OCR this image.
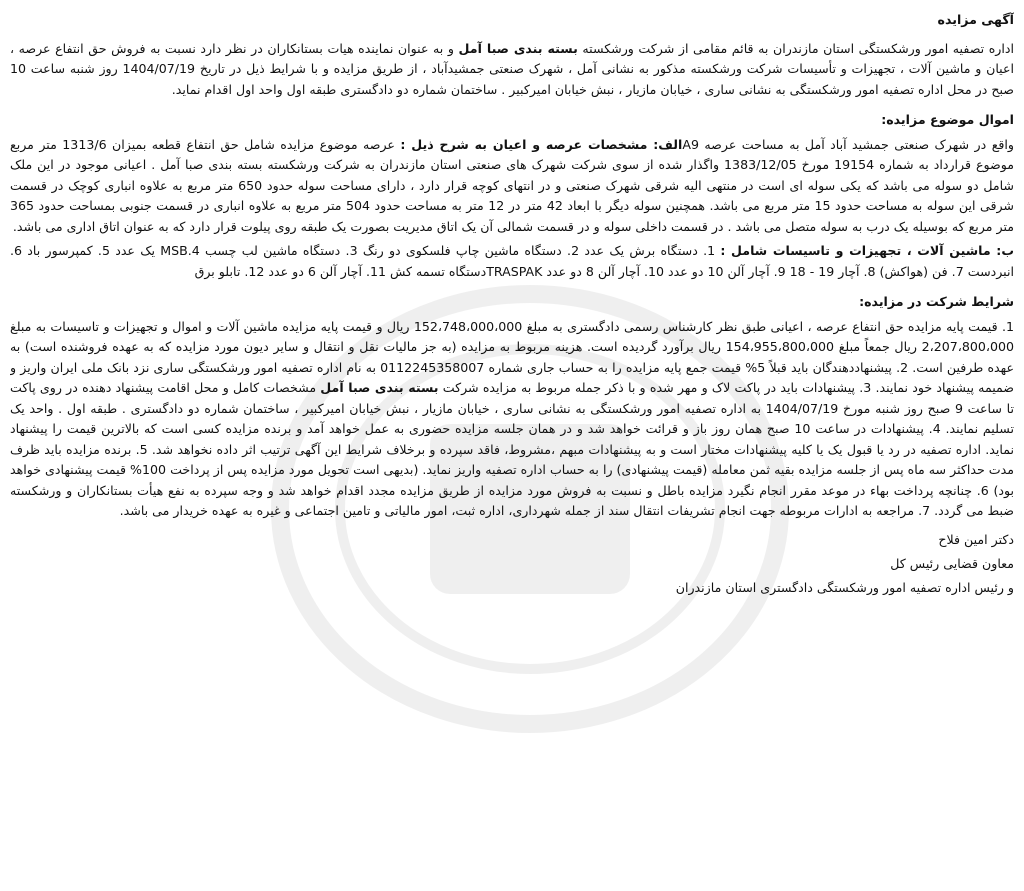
آگهی مزایده

اداره تصفیه امور ورشکستگی استان مازندران به قائم مقامی از شرکت ورشکسته بسته بندی صبا آمل و به عنوان نماینده هیات بستانکاران در نظر دارد نسبت به فروش حق انتفاع عرصه ، اعیان و ماشین آلات ، تجهیزات و تأسیسات شرکت ورشکسته مذکور به نشانی آمل ، شهرک صنعتی جمشیدآباد ، از طریق مزایده و با شرایط ذیل در تاریخ 1404/07/19 روز شنبه ساعت 10 صبح در محل اداره تصفیه امور ورشکستگی به نشانی ساری ، خیابان مازیار ، نبش خیابان امیرکبیر . ساختمان شماره دو دادگستری طبقه اول واحد اول اقدام نماید.

اموال موضوع مزایده:

واقع در شهرک صنعتی جمشید آباد آمل به مساحت عرصه A9الف: مشخصات عرصه و اعیان به شرح ذیل : عرصه موضوع مزایده شامل حق انتفاع قطعه بمیزان 1313/6 متر مربع موضوع قرارداد به شماره 19154 مورخ 1383/12/05 واگذار شده از سوی شرکت شهرک های صنعتی استان مازندران به شرکت ورشکسته بسته بندی صبا آمل . اعیانی موجود در این ملک شامل دو سوله می باشد که یکی سوله ای است در منتهی الیه شرقی شهرک صنعتی و در انتهای کوچه قرار دارد ، دارای مساحت سوله حدود 650 متر مربع به علاوه انباری کوچک در قسمت شرقی این سوله به مساحت حدود 15 متر مربع می باشد. همچنین سوله دیگر با ابعاد 42 متر در 12 متر به مساحت حدود 504 متر مربع به علاوه انباری در قسمت جنوبی بمساحت حدود 365 متر مربع که بوسیله یک درب به سوله متصل می باشد . در قسمت داخلی سوله و در قسمت شمالی آن یک اتاق مدیریت بصورت یک طبقه روی پیلوت قرار دارد که به عنوان اتاق اداری می باشد.

ب: ماشین آلات ، تجهیزات و تاسیسات شامل : 1. دستگاه برش یک عدد 2. دستگاه ماشین چاپ فلسکوی دو رنگ 3. دستگاه ماشین لب چسب 4.MSB یک عدد 5. کمپرسور باد 6. انبردست 7. فن (هواکش) 8. آچار 19 - 18 9. آچار آلن 10 دو عدد 10. آچار آلن 8 دو عدد TRASPAKدستگاه تسمه کش 11. آچار آلن 6 دو عدد 12. تابلو برق

شرایط شرکت در مزایده:

1. قیمت پایه مزایده حق انتفاع عرصه ، اعیانی طبق نظر کارشناس رسمی دادگستری به مبلغ 152،748،000،000 ریال و قیمت پایه مزایده ماشین آلات و اموال و تجهیزات و تاسیسات به مبلغ 2،207،800،000 ریال جمعاً مبلغ 154،955،800،000 ریال برآورد گردیده است. هزینه مربوط به مزایده (به جز مالیات نقل و انتقال و سایر دیون مورد مزایده که به عهده فروشنده است) به عهده طرفین است. 2. پیشنهاددهندگان باید قبلاً 5% قیمت جمع پایه مزایده را به حساب جاری شماره 0112245358007 به نام اداره تصفیه امور ورشکستگی ساری نزد بانک ملی ایران واریز و ضمیمه پیشنهاد خود نمایند. 3. پیشنهادات باید در پاکت لاک و مهر شده و با ذکر جمله مربوط به مزایده شرکت بسته بندی صبا آمل مشخصات کامل و محل اقامت پیشنهاد دهنده در روی پاکت تا ساعت 9 صبح روز شنبه مورخ 1404/07/19 به اداره تصفیه امور ورشکستگی به نشانی ساری ، خیابان مازیار ، نبش خیابان امیرکبیر ، ساختمان شماره دو دادگستری . طبقه اول . واحد یک تسلیم نمایند. 4. پیشنهادات در ساعت 10 صبح همان روز باز و قرائت خواهد شد و در همان جلسه مزایده حضوری به عمل خواهد آمد و برنده مزایده کسی است که بالاترین قیمت را پیشنهاد نماید. اداره تصفیه در رد یا قبول یک یا کلیه پیشنهادات مختار است و به پیشنهادات مبهم ،مشروط، فاقد سپرده و برخلاف شرایط این آگهی ترتیب اثر داده نخواهد شد. 5. برنده مزایده باید ظرف مدت حداکثر سه ماه پس از جلسه مزایده بقیه ثمن معامله (قیمت پیشنهادی) را به حساب اداره تصفیه واریز نماید. (بدیهی است تحویل مورد مزایده پس از پرداخت 100% قیمت پیشنهادی خواهد بود) 6. چنانچه پرداخت بهاء در موعد مقرر انجام نگیرد مزایده باطل و نسبت به فروش مورد مزایده از طریق مزایده مجدد اقدام خواهد شد و وجه سپرده به نفع هیأت بستانکاران و ورشکسته ضبط می گردد. 7. مراجعه به ادارات مربوطه جهت انجام تشریفات انتقال سند از جمله شهرداری، اداره ثبت، امور مالیاتی و تامین اجتماعی و غیره به عهده خریدار می باشد.

دکتر امین فلاح
معاون قضایی رئیس کل
و رئیس اداره تصفیه امور ورشکستگی دادگستری استان مازندران
